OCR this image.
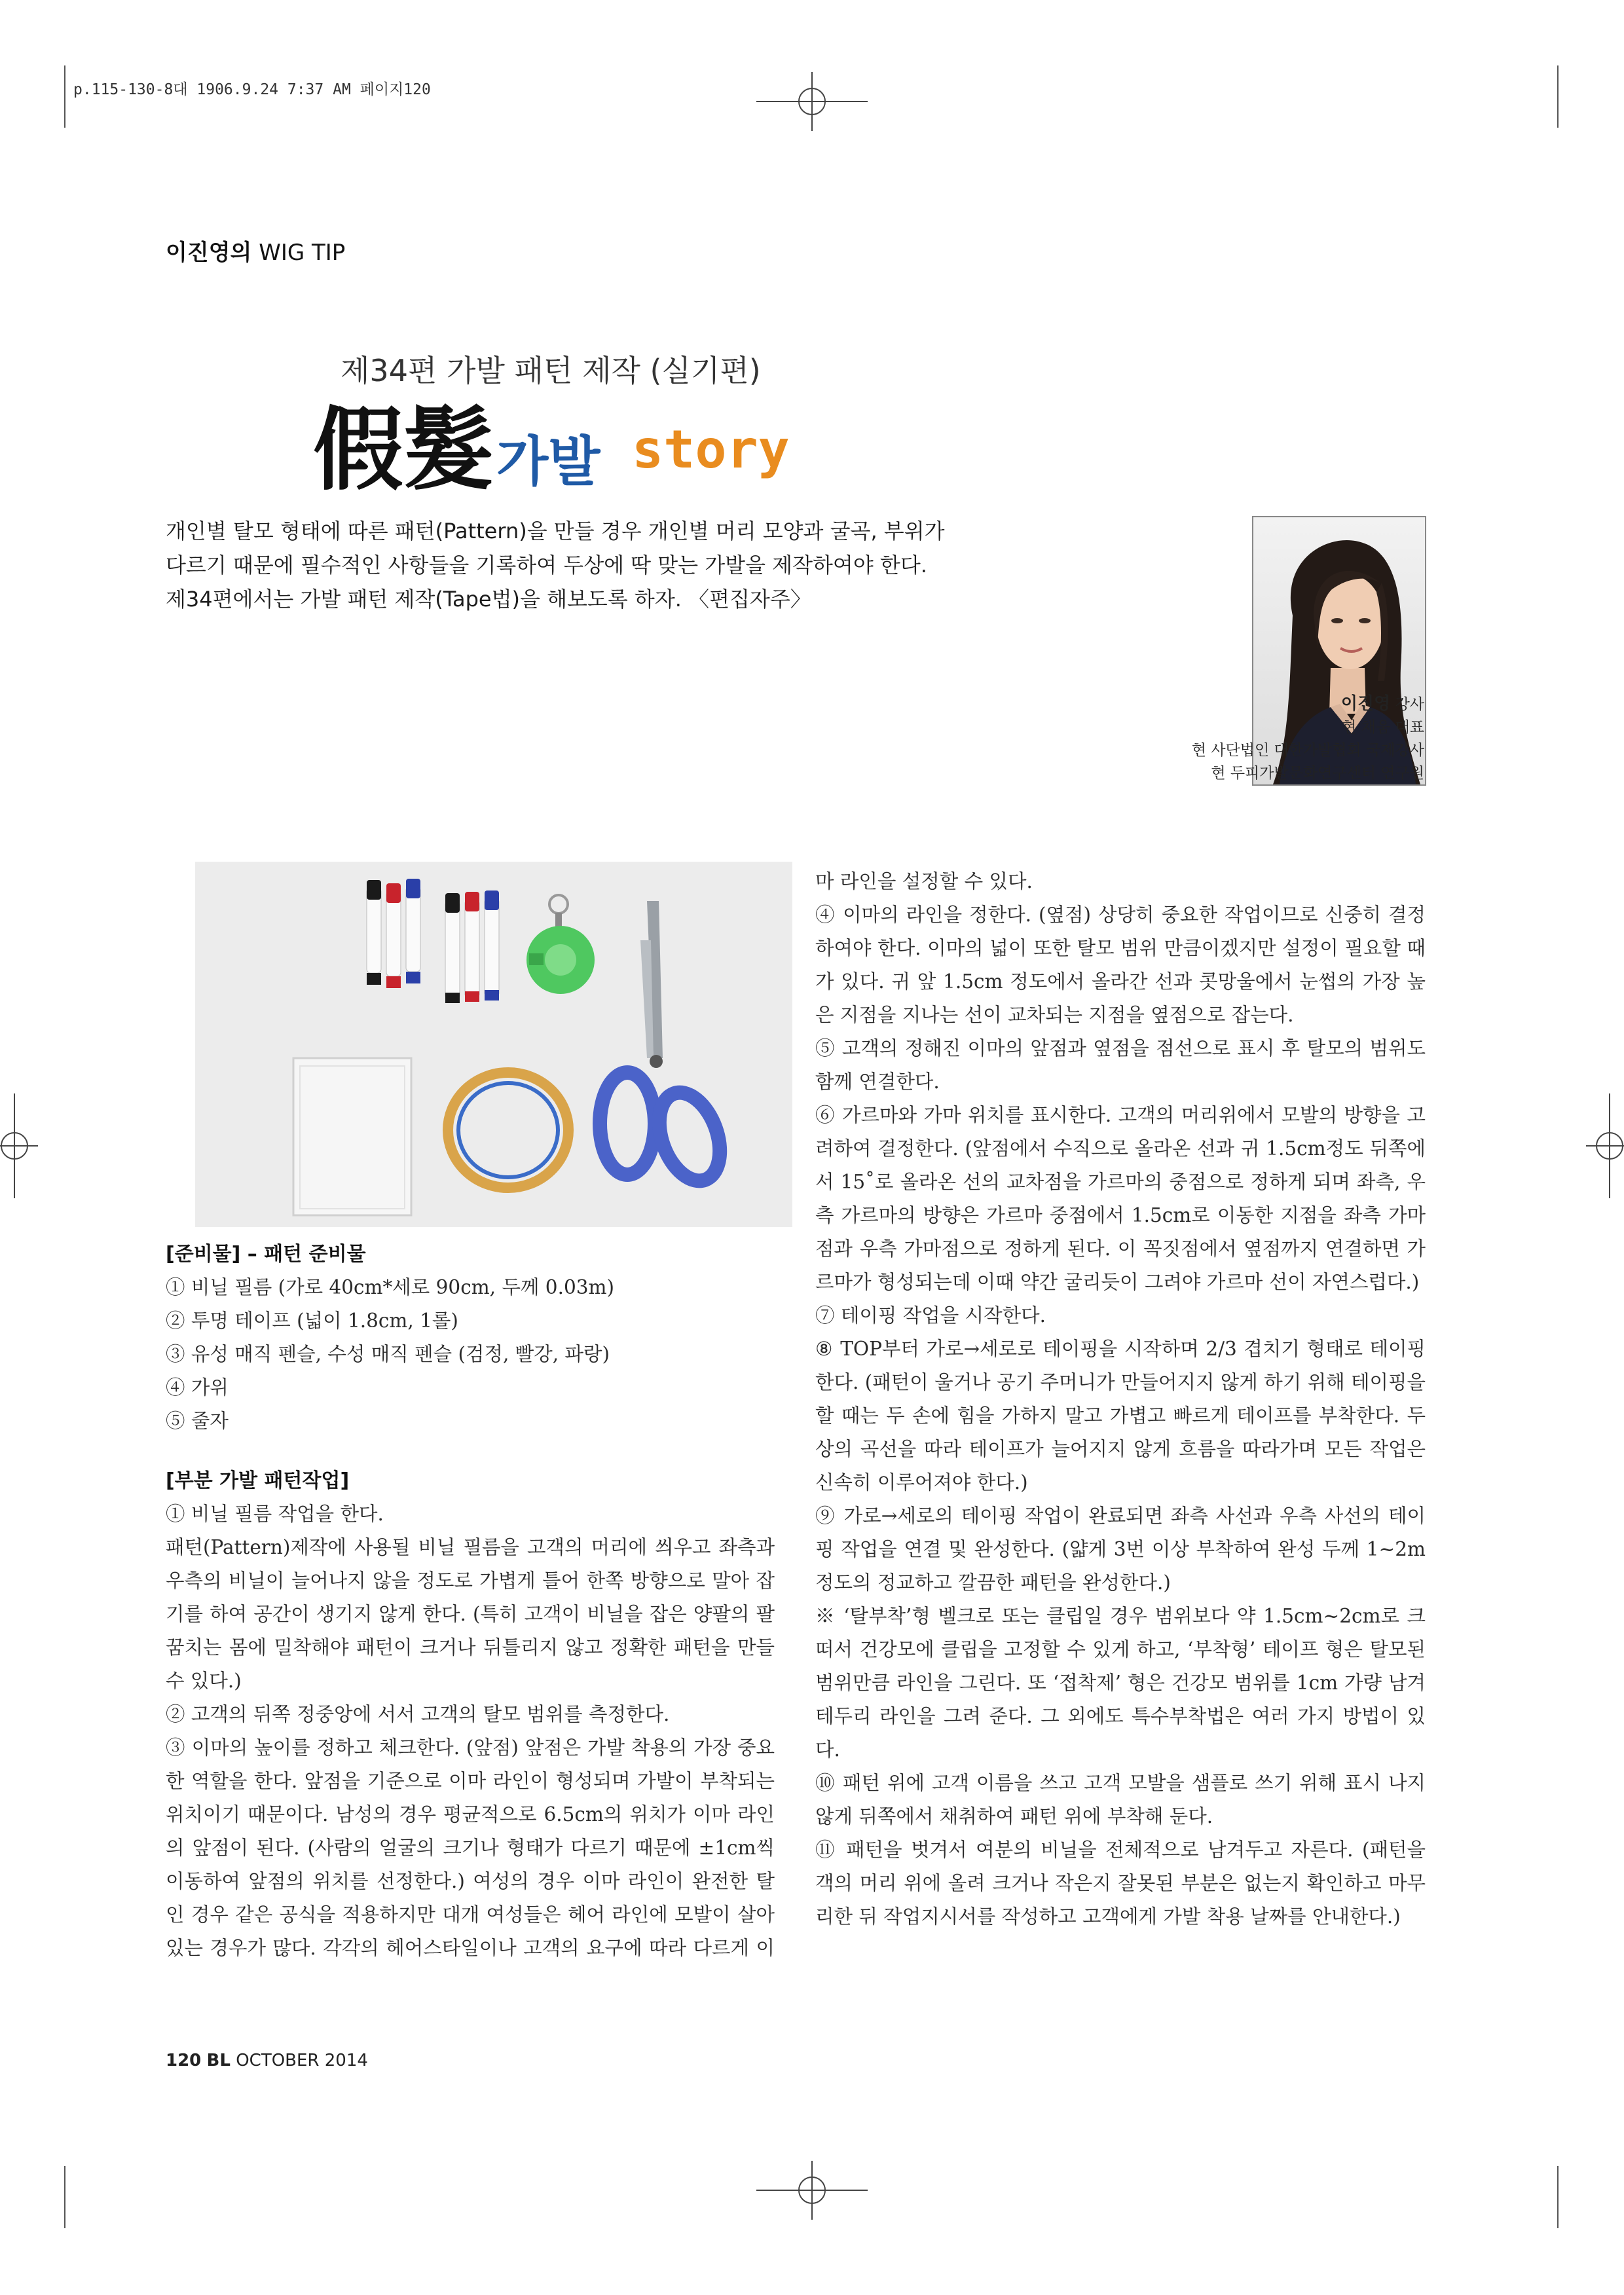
p.115-130-8대 1906.9.24 7:37 AM 페이지120
이진영의 WIG TIP
제34편 가발 패턴 제작 (실기편)
假髮 가발 story
개인별 탈모 형태에 따른 패턴(Pattern)을 만들 경우 개인별 머리 모양과 굴곡, 부위가
다르기 때문에 필수적인 사항들을 기록하여 두상에 딱 맞는 가발을 제작하여야 한다.
제34편에서는 가발 패턴 제작(Tape법)을 해보도록 하자. 〈편집자주〉
이진영 강사
현 채움 대표
현 사단법인 대한가발협회 국제강사
현 두피가발문화연구센터 연구원
[준비물] – 패턴 준비물
① 비닐 필름 (가로 40cm*세로 90cm, 두께 0.03m)
② 투명 테이프 (넓이 1.8cm, 1롤)
③ 유성 매직 펜슬, 수성 매직 펜슬 (검정, 빨강, 파랑)
④ 가위
⑤ 줄자
[부분 가발 패턴작업]
① 비닐 필름 작업을 한다.
패턴(Pattern)제작에 사용될 비닐 필름을 고객의 머리에 씌우고 좌측과
우측의 비닐이 늘어나지 않을 정도로 가볍게 틀어 한쪽 방향으로 말아 잡
기를 하여 공간이 생기지 않게 한다. (특히 고객이 비닐을 잡은 양팔의 팔
꿈치는 몸에 밀착해야 패턴이 크거나 뒤틀리지 않고 정확한 패턴을 만들
수 있다.)
② 고객의 뒤쪽 정중앙에 서서 고객의 탈모 범위를 측정한다.
③ 이마의 높이를 정하고 체크한다. (앞점) 앞점은 가발 착용의 가장 중요
한 역할을 한다. 앞점을 기준으로 이마 라인이 형성되며 가발이 부착되는
위치이기 때문이다. 남성의 경우 평균적으로 6.5cm의 위치가 이마 라인
의 앞점이 된다. (사람의 얼굴의 크기나 형태가 다르기 때문에 ±1cm씩
이동하여 앞점의 위치를 선정한다.) 여성의 경우 이마 라인이 완전한 탈
인 경우 같은 공식을 적용하지만 대개 여성들은 헤어 라인에 모발이 살아
있는 경우가 많다. 각각의 헤어스타일이나 고객의 요구에 따라 다르게 이
마 라인을 설정할 수 있다.
④ 이마의 라인을 정한다. (옆점) 상당히 중요한 작업이므로 신중히 결정
하여야 한다. 이마의 넓이 또한 탈모 범위 만큼이겠지만 설정이 필요할 때
가 있다. 귀 앞 1.5cm 정도에서 올라간 선과 콧망울에서 눈썹의 가장 높
은 지점을 지나는 선이 교차되는 지점을 옆점으로 잡는다.
⑤ 고객의 정해진 이마의 앞점과 옆점을 점선으로 표시 후 탈모의 범위도
함께 연결한다.
⑥ 가르마와 가마 위치를 표시한다. 고객의 머리위에서 모발의 방향을 고
려하여 결정한다. (앞점에서 수직으로 올라온 선과 귀 1.5cm정도 뒤쪽에
서 15˚로 올라온 선의 교차점을 가르마의 중점으로 정하게 되며 좌측, 우
측 가르마의 방향은 가르마 중점에서 1.5cm로 이동한 지점을 좌측 가마
점과 우측 가마점으로 정하게 된다. 이 꼭짓점에서 옆점까지 연결하면 가
르마가 형성되는데 이때 약간 굴리듯이 그려야 가르마 선이 자연스럽다.)
⑦ 테이핑 작업을 시작한다.
⑧ TOP부터 가로→세로로 테이핑을 시작하며 2/3 겹치기 형태로 테이핑
한다. (패턴이 울거나 공기 주머니가 만들어지지 않게 하기 위해 테이핑을
할 때는 두 손에 힘을 가하지 말고 가볍고 빠르게 테이프를 부착한다. 두
상의 곡선을 따라 테이프가 늘어지지 않게 흐름을 따라가며 모든 작업은
신속히 이루어져야 한다.)
⑨ 가로→세로의 테이핑 작업이 완료되면 좌측 사선과 우측 사선의 테이
핑 작업을 연결 및 완성한다. (얇게 3번 이상 부착하여 완성 두께 1~2m
정도의 정교하고 깔끔한 패턴을 완성한다.)
※ ‘탈부착’형 벨크로 또는 클립일 경우 범위보다 약 1.5cm~2cm로 크
떠서 건강모에 클립을 고정할 수 있게 하고, ‘부착형’ 테이프 형은 탈모된
범위만큼 라인을 그린다. 또 ‘접착제’ 형은 건강모 범위를 1cm 가량 남겨
테두리 라인을 그려 준다. 그 외에도 특수부착법은 여러 가지 방법이 있
다.
⑩ 패턴 위에 고객 이름을 쓰고 고객 모발을 샘플로 쓰기 위해 표시 나지
않게 뒤쪽에서 채취하여 패턴 위에 부착해 둔다.
⑪ 패턴을 벗겨서 여분의 비닐을 전체적으로 남겨두고 자른다. (패턴을
객의 머리 위에 올려 크거나 작은지 잘못된 부분은 없는지 확인하고 마무
리한 뒤 작업지시서를 작성하고 고객에게 가발 착용 날짜를 안내한다.)
120 BL OCTOBER 2014
